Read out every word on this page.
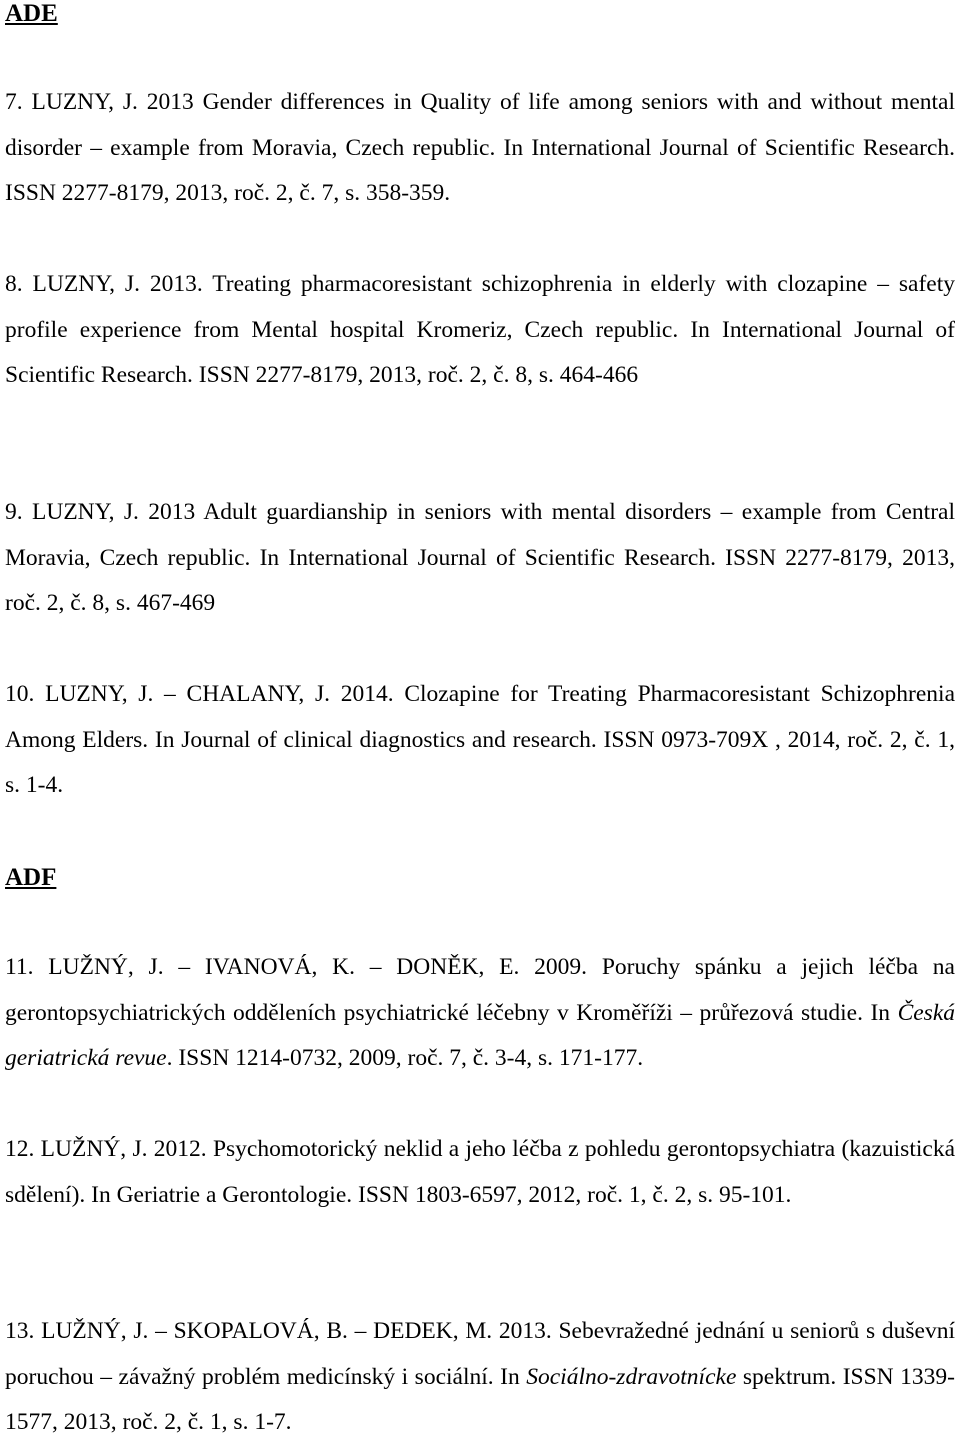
ADE

7. LUZNY, J. 2013 Gender differences in Quality of life among seniors with and without mental disorder – example from Moravia, Czech republic. In International Journal of Scientific Research. ISSN 2277-8179, 2013, roč. 2, č. 7, s. 358-359.

8. LUZNY, J. 2013. Treating pharmacoresistant schizophrenia in elderly with clozapine – safety profile experience from Mental hospital Kromeriz, Czech republic. In International Journal of Scientific Research. ISSN 2277-8179, 2013, roč. 2, č. 8, s. 464-466

9. LUZNY, J. 2013 Adult guardianship in seniors with mental disorders – example from Central Moravia, Czech republic. In International Journal of Scientific Research. ISSN 2277-8179, 2013, roč. 2, č. 8, s. 467-469

10. LUZNY, J. – CHALANY, J. 2014. Clozapine for Treating Pharmacoresistant Schizophrenia Among Elders. In Journal of clinical diagnostics and research. ISSN 0973-709X , 2014, roč. 2, č. 1, s. 1-4.

ADF

11. LUŽNÝ, J. – IVANOVÁ, K. – DONĚK, E. 2009. Poruchy spánku a jejich léčba na gerontopsychiatrických odděleních psychiatrické léčebny v Kroměříži – průřezová studie. In Česká geriatrická revue. ISSN 1214-0732, 2009, roč. 7, č. 3-4, s. 171-177.

12. LUŽNÝ, J. 2012. Psychomotorický neklid a jeho léčba z pohledu gerontopsychiatra (kazuistická sdělení). In Geriatrie a Gerontologie. ISSN 1803-6597, 2012, roč. 1, č. 2, s. 95-101.

13. LUŽNÝ, J. – SKOPALOVÁ, B. – DEDEK, M. 2013. Sebevražedné jednání u seniorů s duševní poruchou – závažný problém medicínský i sociální. In Sociálno-zdravotnícke spektrum. ISSN 1339-1577, 2013, roč. 2, č. 1, s. 1-7.
